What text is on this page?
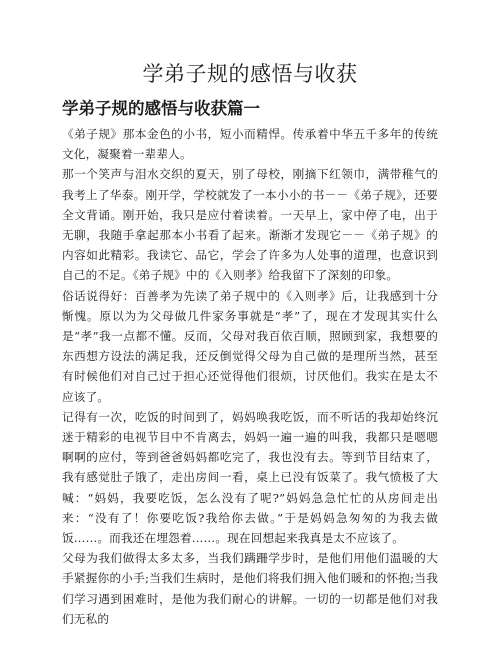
学弟子规的感悟与收获
学弟子规的感悟与收获篇一

《弟子规》那本金色的小书，短小而精悍。传承着中华五千多年的传统文化，凝聚着一辈辈人。

那一个笑声与泪水交织的夏天，别了母校，刚摘下红领巾，满带稚气的我考上了华泰。刚开学，学校就发了一本小小的书－－《弟子规》，还要全文背诵。刚开始，我只是应付着读着。一天早上，家中停了电，出于无聊，我随手拿起那本小书看了起来。渐渐才发现它－－《弟子规》的内容如此精彩。我读它、品它，学会了许多为人处事的道理，也意识到自己的不足。《弟子规》中的《入则孝》给我留下了深刻的印象。

俗话说得好：百善孝为先读了弟子规中的《入则孝》后，让我感到十分惭愧。原以为为父母做几件家务事就是“孝”了，现在才发现其实什么是“孝”我一点都不懂。反而，父母对我百依百顺，照顾到家，我想要的东西想方设法的满足我，还反倒觉得父母为自己做的是理所当然，甚至有时候他们对自己过于担心还觉得他们很烦，讨厌他们。我实在是太不应该了。

记得有一次，吃饭的时间到了，妈妈唤我吃饭，而不听话的我却始终沉迷于精彩的电视节目中不肯离去，妈妈一遍一遍的叫我，我都只是嗯嗯啊啊的应付，等到爸爸妈妈都吃完了，我也没有去。等到节目结束了，我有感觉肚子饿了，走出房间一看，桌上已没有饭菜了。我气愤极了大喊：“妈妈，我要吃饭，怎么没有了呢?”妈妈急急忙忙的从房间走出来：“没有了！你要吃饭?我给你去做。”于是妈妈急匆匆的为我去做饭……。而我还在埋怨着……。现在回想起来我真是太不应该了。

父母为我们做得太多太多，当我们蹒跚学步时，是他们用他们温暖的大手紧握你的小手;当我们生病时，是他们将我们拥入他们暖和的怀抱;当我们学习遇到困难时，是他为我们耐心的讲解。一切的一切都是他们对我们无私的
